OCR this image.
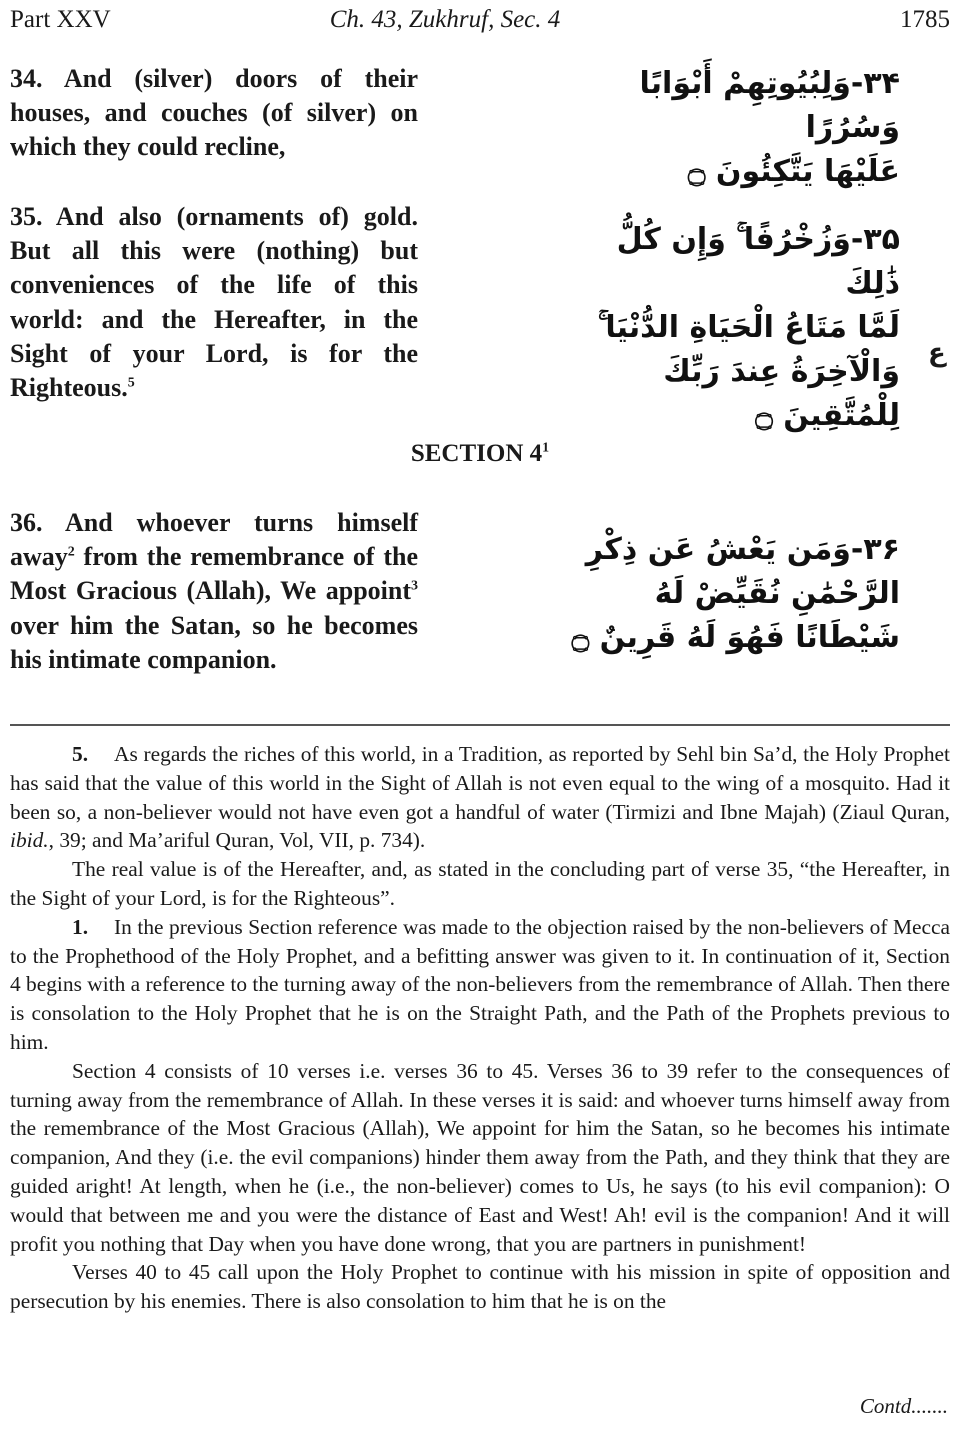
Part XXV	Ch. 43, Zukhruf, Sec. 4	1785
34. And (silver) doors of their houses, and couches (of silver) on which they could recline,
۳۴-وَلِبُيُوتِهِمْ أَبْوَابًا وَسُرُرًا
عَلَيْهَا يَتَّكِئُونَ ۝
35. And also (ornaments of) gold. But all this were (nothing) but conveniences of the life of this world: and the Hereafter, in the Sight of your Lord, is for the Righteous.$^5$
۳۵-وَزُخْرُفًا ۚ وَإِن كُلُّ ذَٰلِكَ
لَمَّا مَتَاعُ الْحَيَاةِ الدُّنْيَا ۚ
وَالْآخِرَةُ عِندَ رَبِّكَ لِلْمُتَّقِينَ ۝
ع
SECTION $4^1$
36. And whoever turns himself away$^2$ from the remembrance of the Most Gracious (Allah), We appoint$^3$ over him the Satan, so he becomes his intimate companion.
۳۶-وَمَن يَعْشُ عَن ذِكْرِ
الرَّحْمَٰنِ نُقَيِّضْ لَهُ
شَيْطَانًا فَهُوَ لَهُ قَرِينٌ ۝

5. As regards the riches of this world, in a Tradition, as reported by Sehl bin Sa’d, the Holy Prophet has said that the value of this world in the Sight of Allah is not even equal to the wing of a mosquito. Had it been so, a non-believer would not have even got a handful of water (Tirmizi and Ibne Majah) (Ziaul Quran, ibid., 39; and Ma’ariful Quran, Vol, VII, p. 734).

The real value is of the Hereafter, and, as stated in the concluding part of verse 35, “the Hereafter, in the Sight of your Lord, is for the Righteous”.

1. In the previous Section reference was made to the objection raised by the non-believers of Mecca to the Prophethood of the Holy Prophet, and a befitting answer was given to it. In continuation of it, Section 4 begins with a reference to the turning away of the non-believers from the remembrance of Allah. Then there is consolation to the Holy Prophet that he is on the Straight Path, and the Path of the Prophets previous to him.

Section 4 consists of 10 verses i.e. verses 36 to 45. Verses 36 to 39 refer to the consequences of turning away from the remembrance of Allah. In these verses it is said: and whoever turns himself away from the remembrance of the Most Gracious (Allah), We appoint for him the Satan, so he becomes his intimate companion, And they (i.e. the evil companions) hinder them away from the Path, and they think that they are guided aright! At length, when he (i.e., the non-believer) comes to Us, he says (to his evil companion): O would that between me and you were the distance of East and West! Ah! evil is the companion! And it will profit you nothing that Day when you have done wrong, that you are partners in punishment!

Verses 40 to 45 call upon the Holy Prophet to continue with his mission in spite of opposition and persecution by his enemies. There is also consolation to him that he is on the

Contd.......
